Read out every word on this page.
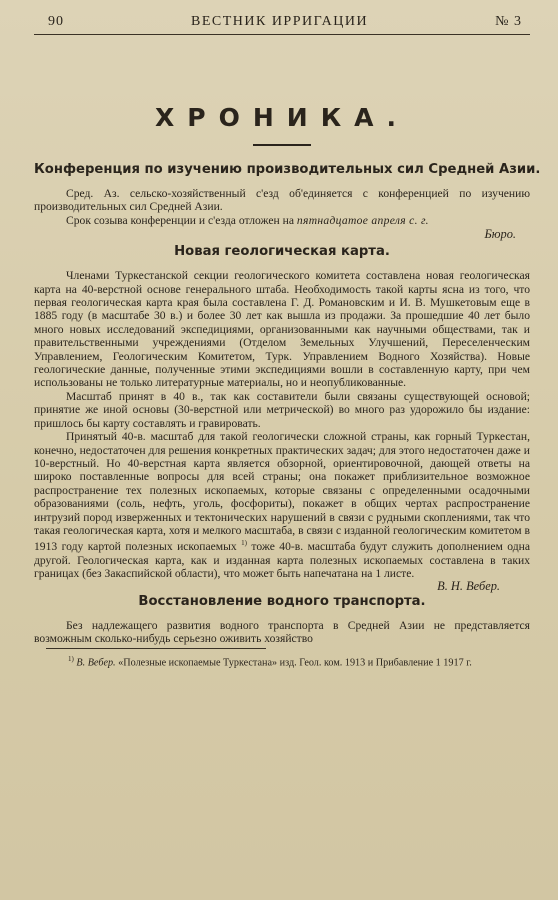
90	ВЕСТНИК ИРРИГАЦИИ	№ 3
ХРОНИКА.
Конференция по изучению производительных сил Средней Азии.

Сред. Аз. сельско-хозяйственный с'езд об'единяется с конференцией по изучению производительных сил Средней Азии.

Срок созыва конференции и с'езда отложен на пятнадцатое апреля с. г.

Бюро.
Новая геологическая карта.

Членами Туркестанской секции геологического комитета составлена новая геологическая карта на 40-верстной основе генерального штаба. Необходимость такой карты ясна из того, что первая геологическая карта края была составлена Г. Д. Романовским и И. В. Мушкетовым еще в 1885 году (в масштабе 30 в.) и более 30 лет как вышла из продажи. За прошедшие 40 лет было много новых исследований экспедициями, организованными как научными обществами, так и правительственными учреждениями (Отделом Земельных Улучшений, Переселенческим Управлением, Геологическим Комитетом, Турк. Управлением Водного Хозяйства). Новые геологические данные, полученные этими экспедициями вошли в составленную карту, при чем использованы не только литературные материалы, но и неопубликованные.

Масштаб принят в 40 в., так как составители были связаны существующей основой; принятие же иной основы (30-верстной или метрической) во много раз удорожило бы издание: пришлось бы карту составлять и гравировать.

Принятый 40-в. масштаб для такой геологически сложной страны, как горный Туркестан, конечно, недостаточен для решения конкретных практических задач; для этого недостаточен даже и 10-верстный. Но 40-верстная карта является обзорной, ориентировочной, дающей ответы на широко поставленные вопросы для всей страны; она покажет приблизительное возможное распространение тех полезных ископаемых, которые связаны с определенными осадочными образованиями (соль, нефть, уголь, фосфориты), покажет в общих чертах распространение интрузий пород изверженных и тектонических нарушений в связи с рудными скоплениями, так что такая геологическая карта, хотя и мелкого масштаба, в связи с изданной геологическим комитетом в 1913 году картой полезных ископаемых $^{1)}$ тоже 40-в. масштаба будут служить дополнением одна другой. Геологическая карта, как и изданная карта полезных ископаемых составлена в таких границах (без Закаспийской области), что может быть напечатана на 1 листе.
В. Н. Вебер.

Восстановление водного транспорта.

Без надлежащего развития водного транспорта в Средней Азии не представляется возможным сколько-нибудь серьезно оживить хозяйство

$^{1)}$ В. Вебер. «Полезные ископаемые Туркестана» изд. Геол. ком. 1913 и Прибавление 1 1917 г.
